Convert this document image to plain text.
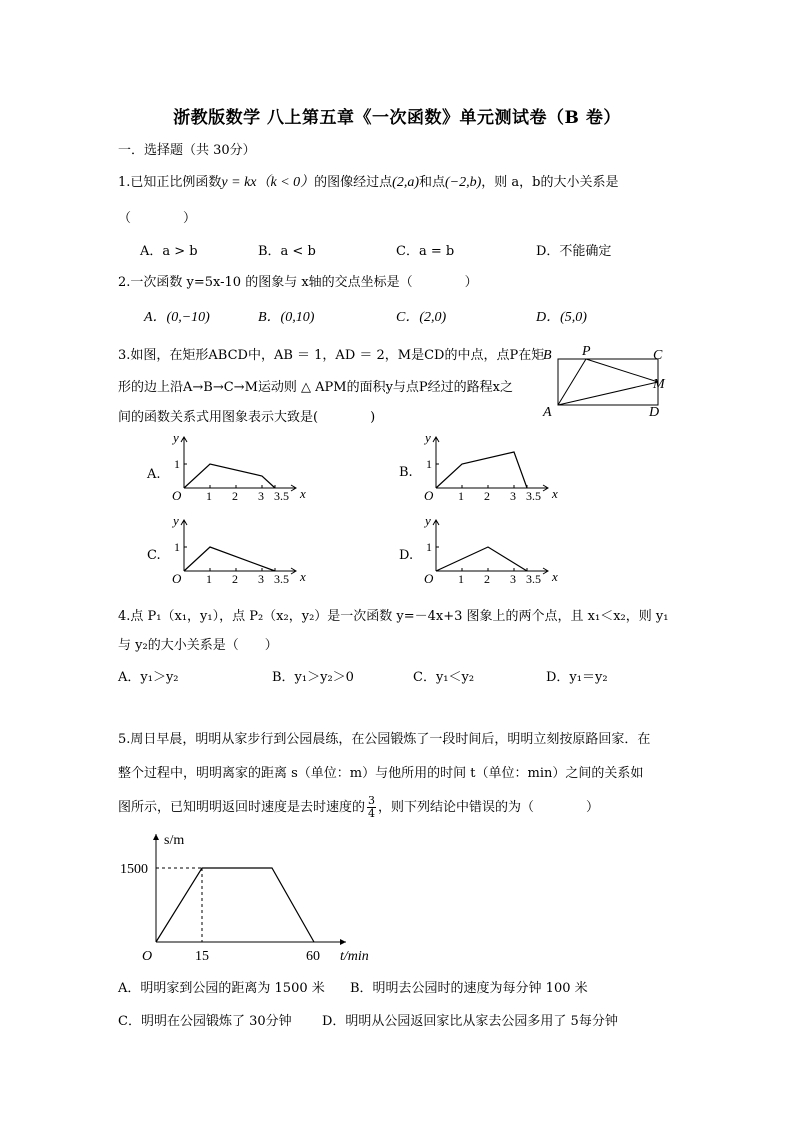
浙教版数学 八上第五章《一次函数》单元测试卷（B 卷）
一．选择题（共 30分）
1.已知正比例函数y = kx（k < 0）的图像经过点(2,a)和点(−2,b)，则 a，b的大小关系是
（　　　　）
A．a > b	B．a < b	C．a = b	D．不能确定
2.一次函数 y=5x-10 的图象与 x轴的交点坐标是（　　　　）
A．(0,−10)	B．(0,10)	C．(2,0)	D．(5,0)
3.如图，在矩形ABCD中，AB ＝ 1，AD ＝ 2，M是CD的中点，点P在矩
形的边上沿A→B→C→M运动则 △ APM的面积y与点P经过的路程x之
间的函数关系式用图象表示大致是(　　　　)
B P	C
M
A	D
A.	B.
C.	D.
y
x
O
1
1 2 3 3.5
y
x
O
1
1 2 3 3.5
y
x
O
1
1 2 3 3.5
y
x
O
1
1 2 3 3.5
4.点 P₁（x₁，y₁），点 P₂（x₂，y₂）是一次函数 y=－4x+3 图象上的两个点，且 x₁＜x₂，则 y₁
与 y₂的大小关系是（　　）
A．y₁＞y₂	B．y₁＞y₂＞0	C．y₁＜y₂	D．y₁＝y₂
5.周日早晨，明明从家步行到公园晨练，在公园锻炼了一段时间后，明明立刻按原路回家．在
整个过程中，明明离家的距离 s（单位：m）与他所用的时间 t（单位：min）之间的关系如
图所示，已知明明返回时速度是去时速度的 $\frac{3}{4}$ ，则下列结论中错误的为（　　　　）
s/m
t/min
O
1500
15	60
A．明明家到公园的距离为 1500 米 B．明明去公园时的速度为每分钟 100 米
C．明明在公园锻炼了 30分钟 D．明明从公园返回家比从家去公园多用了 5每分钟
